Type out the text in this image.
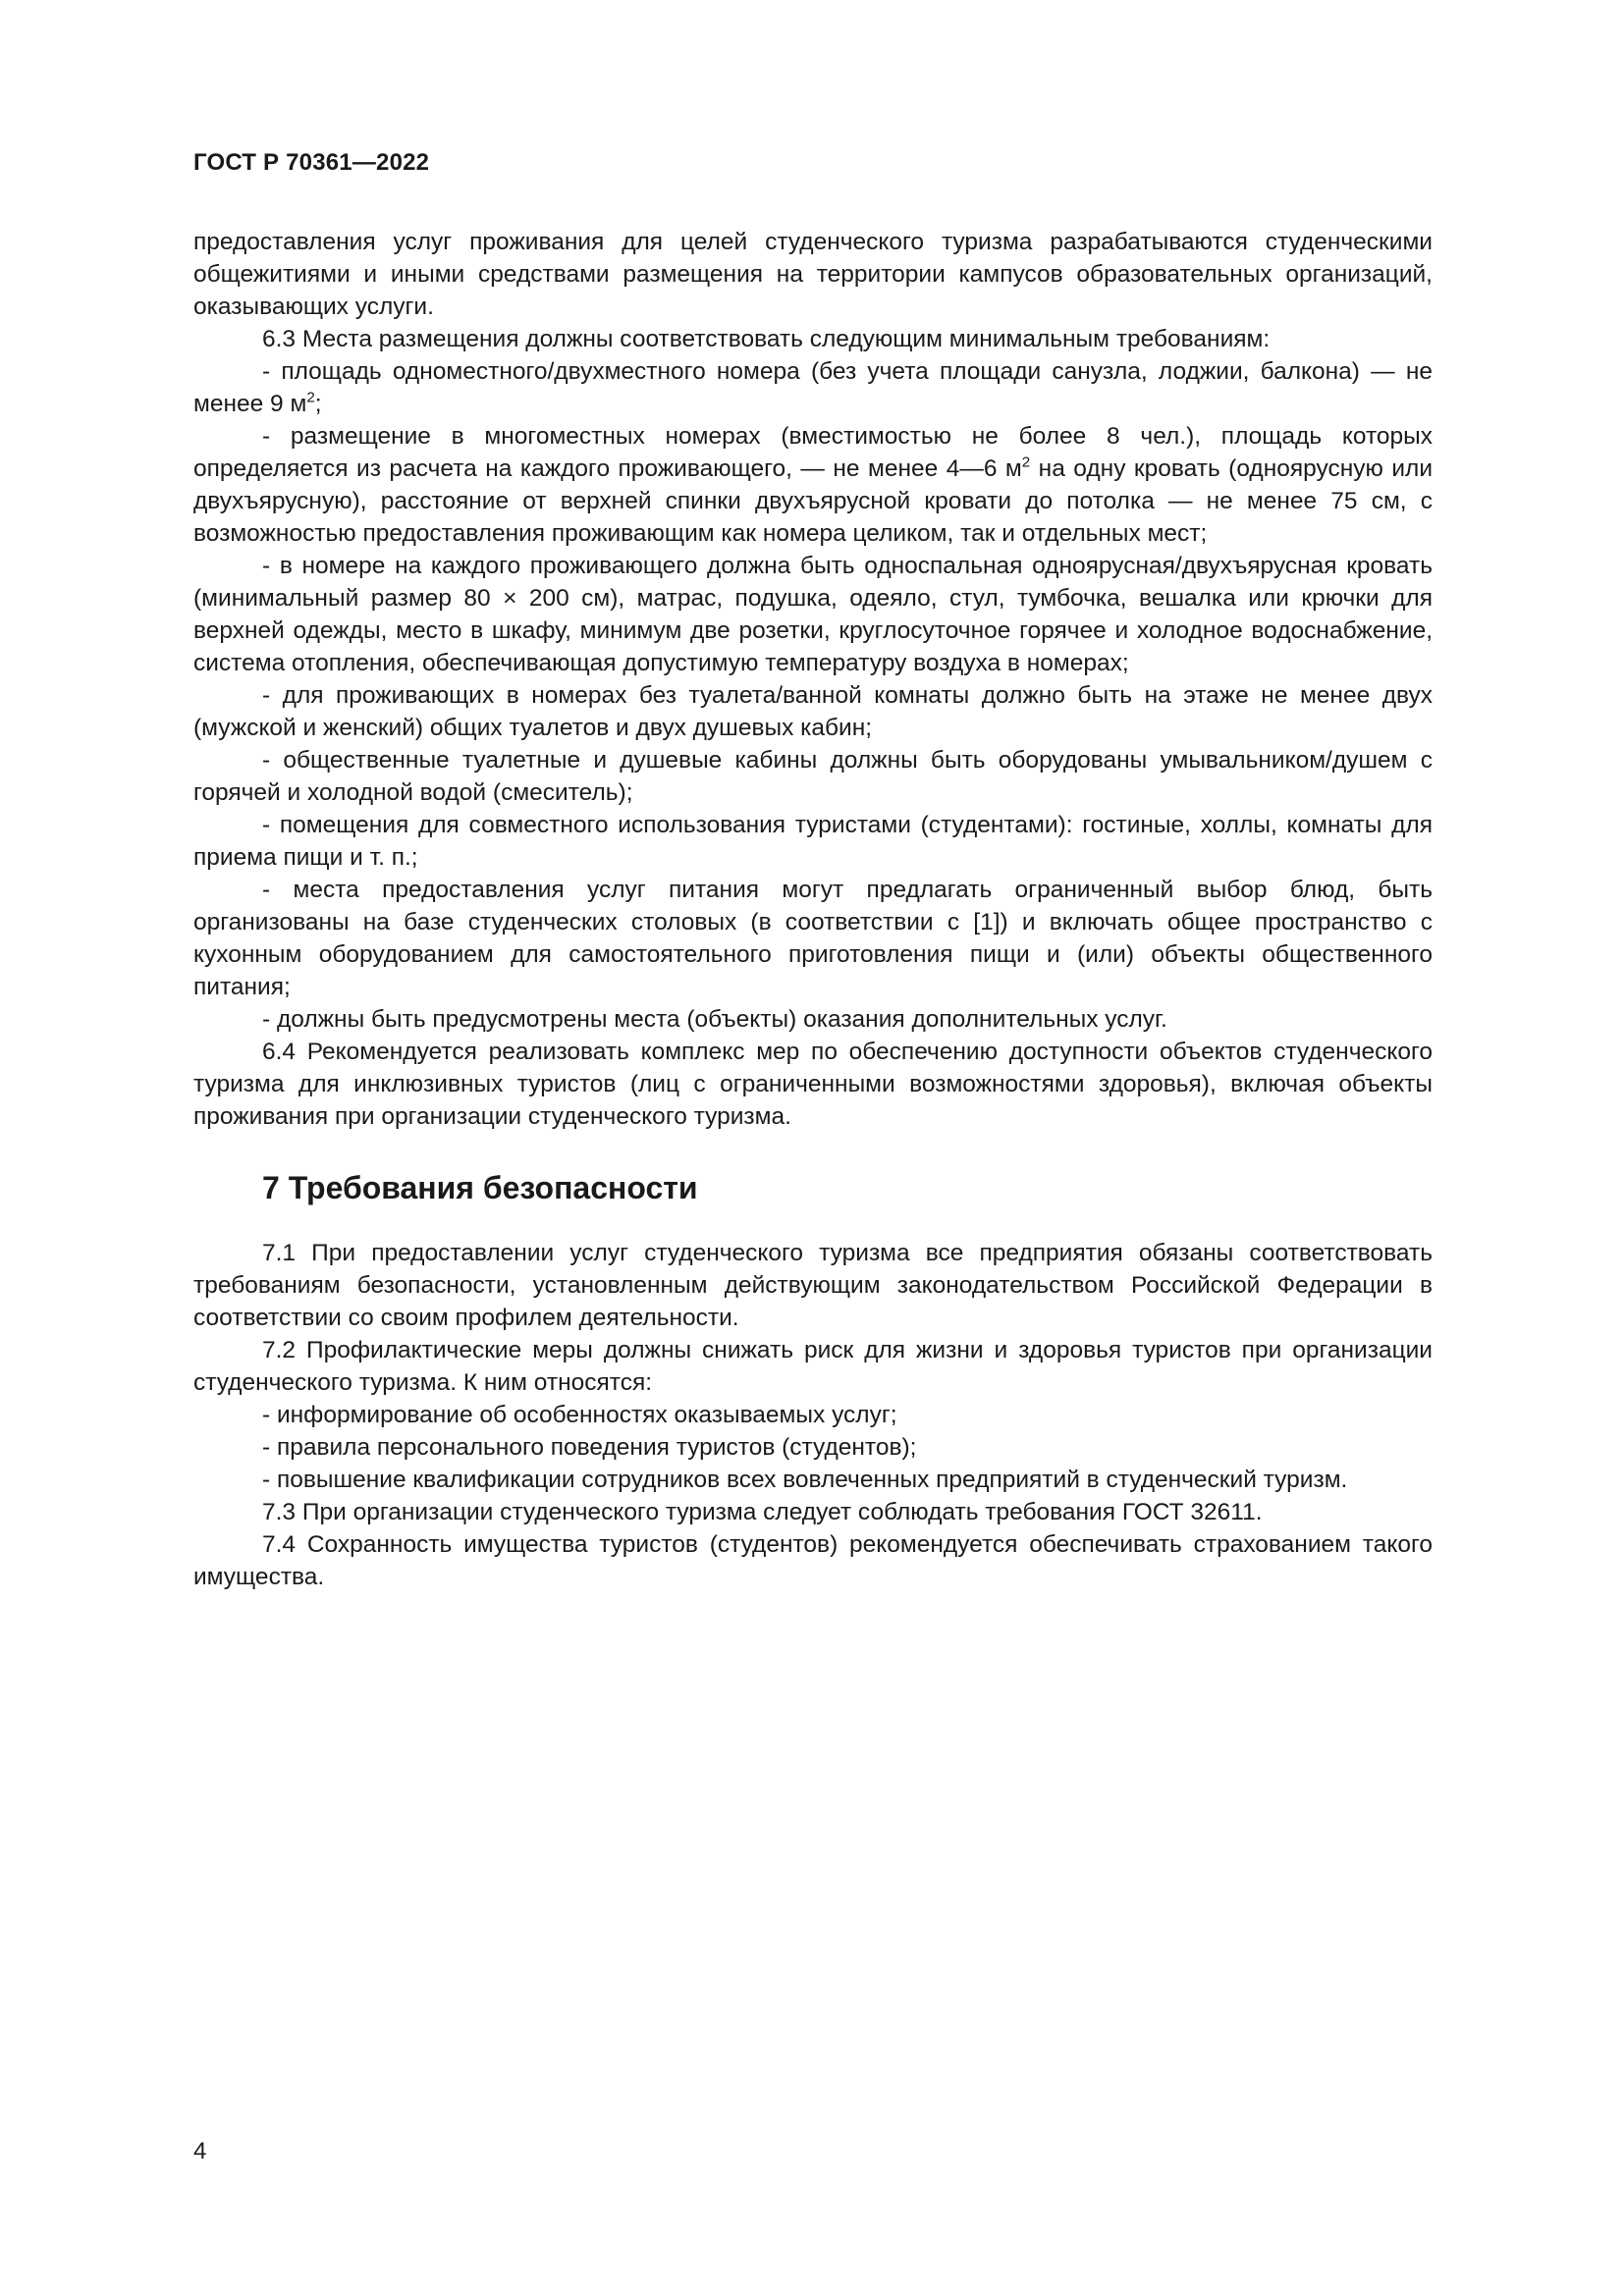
ГОСТ Р 70361—2022

предоставления услуг проживания для целей студенческого туризма разрабатываются студенческими общежитиями и иными средствами размещения на территории кампусов образовательных организаций, оказывающих услуги.

6.3 Места размещения должны соответствовать следующим минимальным требованиям:

- площадь одноместного/двухместного номера (без учета площади санузла, лоджии, балкона) — не менее 9 $м^2$;

- размещение в многоместных номерах (вместимостью не более 8 чел.), площадь которых определяется из расчета на каждого проживающего, — не менее 4—6 $м^2$ на одну кровать (одноярусную или двухъярусную), расстояние от верхней спинки двухъярусной кровати до потолка — не менее 75 см, с возможностью предоставления проживающим как номера целиком, так и отдельных мест;

- в номере на каждого проживающего должна быть односпальная одноярусная/двухъярусная кровать (минимальный размер 80 × 200 см), матрас, подушка, одеяло, стул, тумбочка, вешалка или крючки для верхней одежды, место в шкафу, минимум две розетки, круглосуточное горячее и холодное водоснабжение, система отопления, обеспечивающая допустимую температуру воздуха в номерах;

- для проживающих в номерах без туалета/ванной комнаты должно быть на этаже не менее двух (мужской и женский) общих туалетов и двух душевых кабин;

- общественные туалетные и душевые кабины должны быть оборудованы умывальником/душем с горячей и холодной водой (смеситель);

- помещения для совместного использования туристами (студентами): гостиные, холлы, комнаты для приема пищи и т. п.;

- места предоставления услуг питания могут предлагать ограниченный выбор блюд, быть организованы на базе студенческих столовых (в соответствии с [1]) и включать общее пространство с кухонным оборудованием для самостоятельного приготовления пищи и (или) объекты общественного питания;

- должны быть предусмотрены места (объекты) оказания дополнительных услуг.

6.4 Рекомендуется реализовать комплекс мер по обеспечению доступности объектов студенческого туризма для инклюзивных туристов (лиц с ограниченными возможностями здоровья), включая объекты проживания при организации студенческого туризма.

7 Требования безопасности

7.1 При предоставлении услуг студенческого туризма все предприятия обязаны соответствовать требованиям безопасности, установленным действующим законодательством Российской Федерации в соответствии со своим профилем деятельности.

7.2 Профилактические меры должны снижать риск для жизни и здоровья туристов при организации студенческого туризма. К ним относятся:

- информирование об особенностях оказываемых услуг;

- правила персонального поведения туристов (студентов);

- повышение квалификации сотрудников всех вовлеченных предприятий в студенческий туризм.

7.3 При организации студенческого туризма следует соблюдать требования ГОСТ 32611.

7.4 Сохранность имущества туристов (студентов) рекомендуется обеспечивать страхованием такого имущества.

4
